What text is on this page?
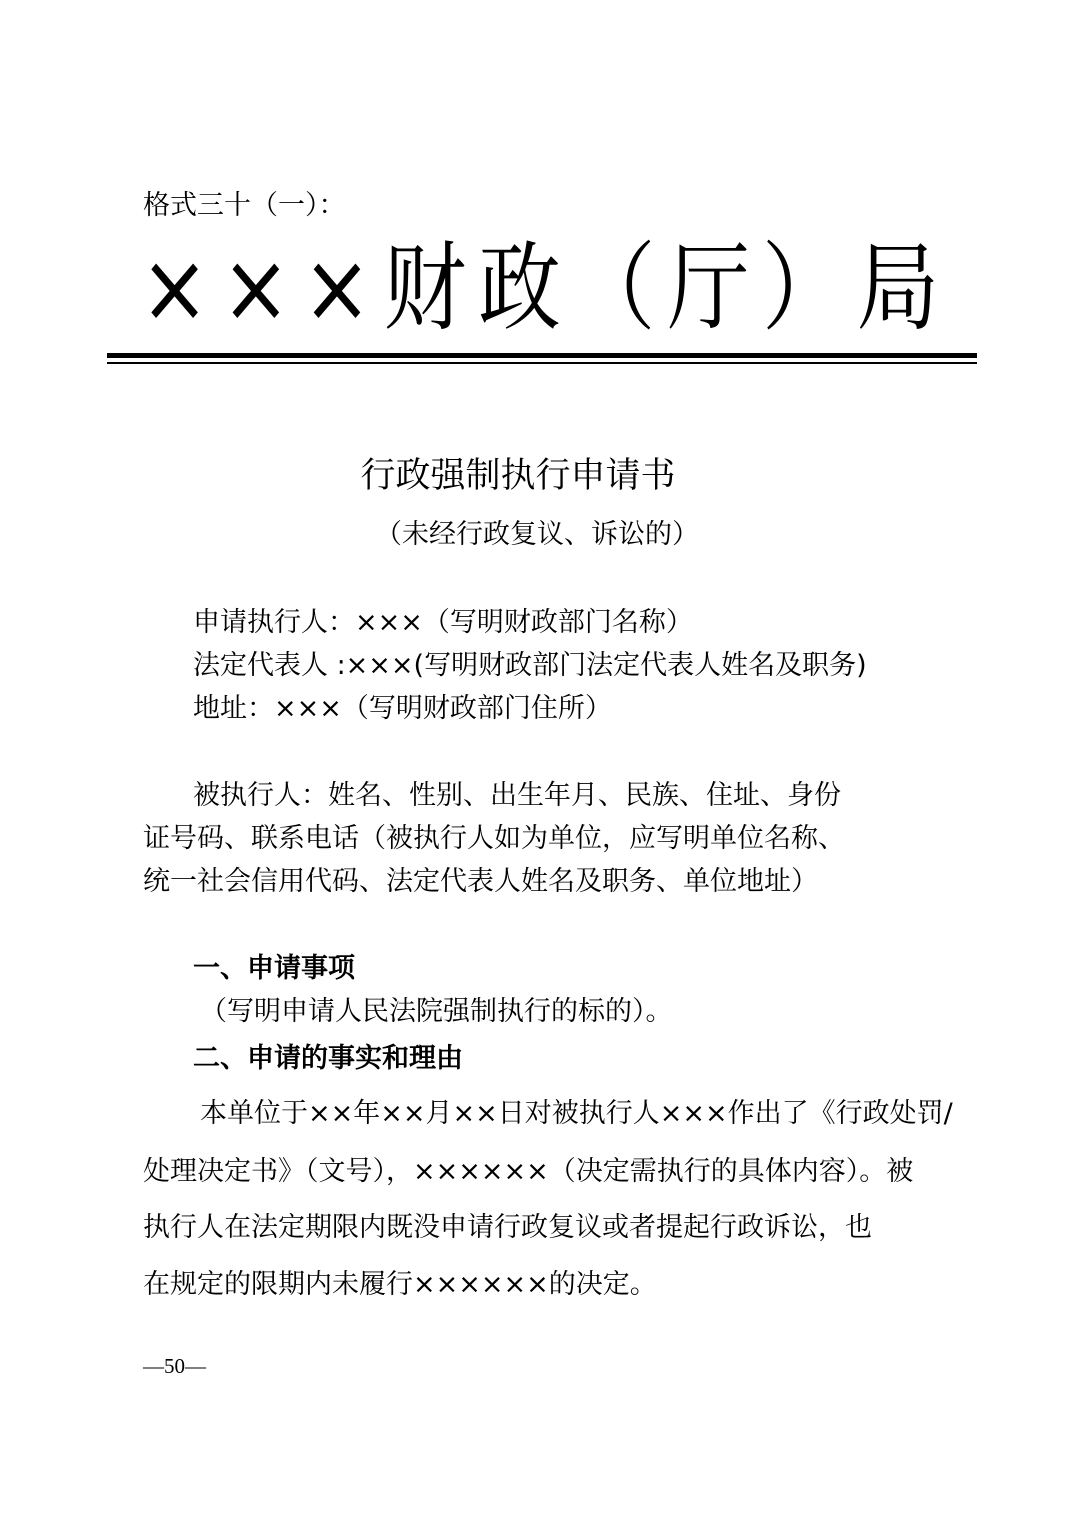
格式三十（一）：
×××财政（厅）局
行政强制执行申请书
（未经行政复议、诉讼的）
申请执行人：×××（写明财政部门名称）
法定代表人 :×××(写明财政部门法定代表人姓名及职务)
地址：×××（写明财政部门住所）
被执行人：姓名、性别、出生年月、民族、住址、身份
证号码、联系电话（被执行人如为单位，应写明单位名称、
统一社会信用代码、法定代表人姓名及职务、单位地址）
一、申请事项
（写明申请人民法院强制执行的标的）。
二、申请的事实和理由
本单位于××年××月××日对被执行人×××作出了《行政处罚/
处理决定书》（文号），××××××（决定需执行的具体内容）。被
执行人在法定期限内既没申请行政复议或者提起行政诉讼，也
在规定的限期内未履行××××××的决定。
—50—
